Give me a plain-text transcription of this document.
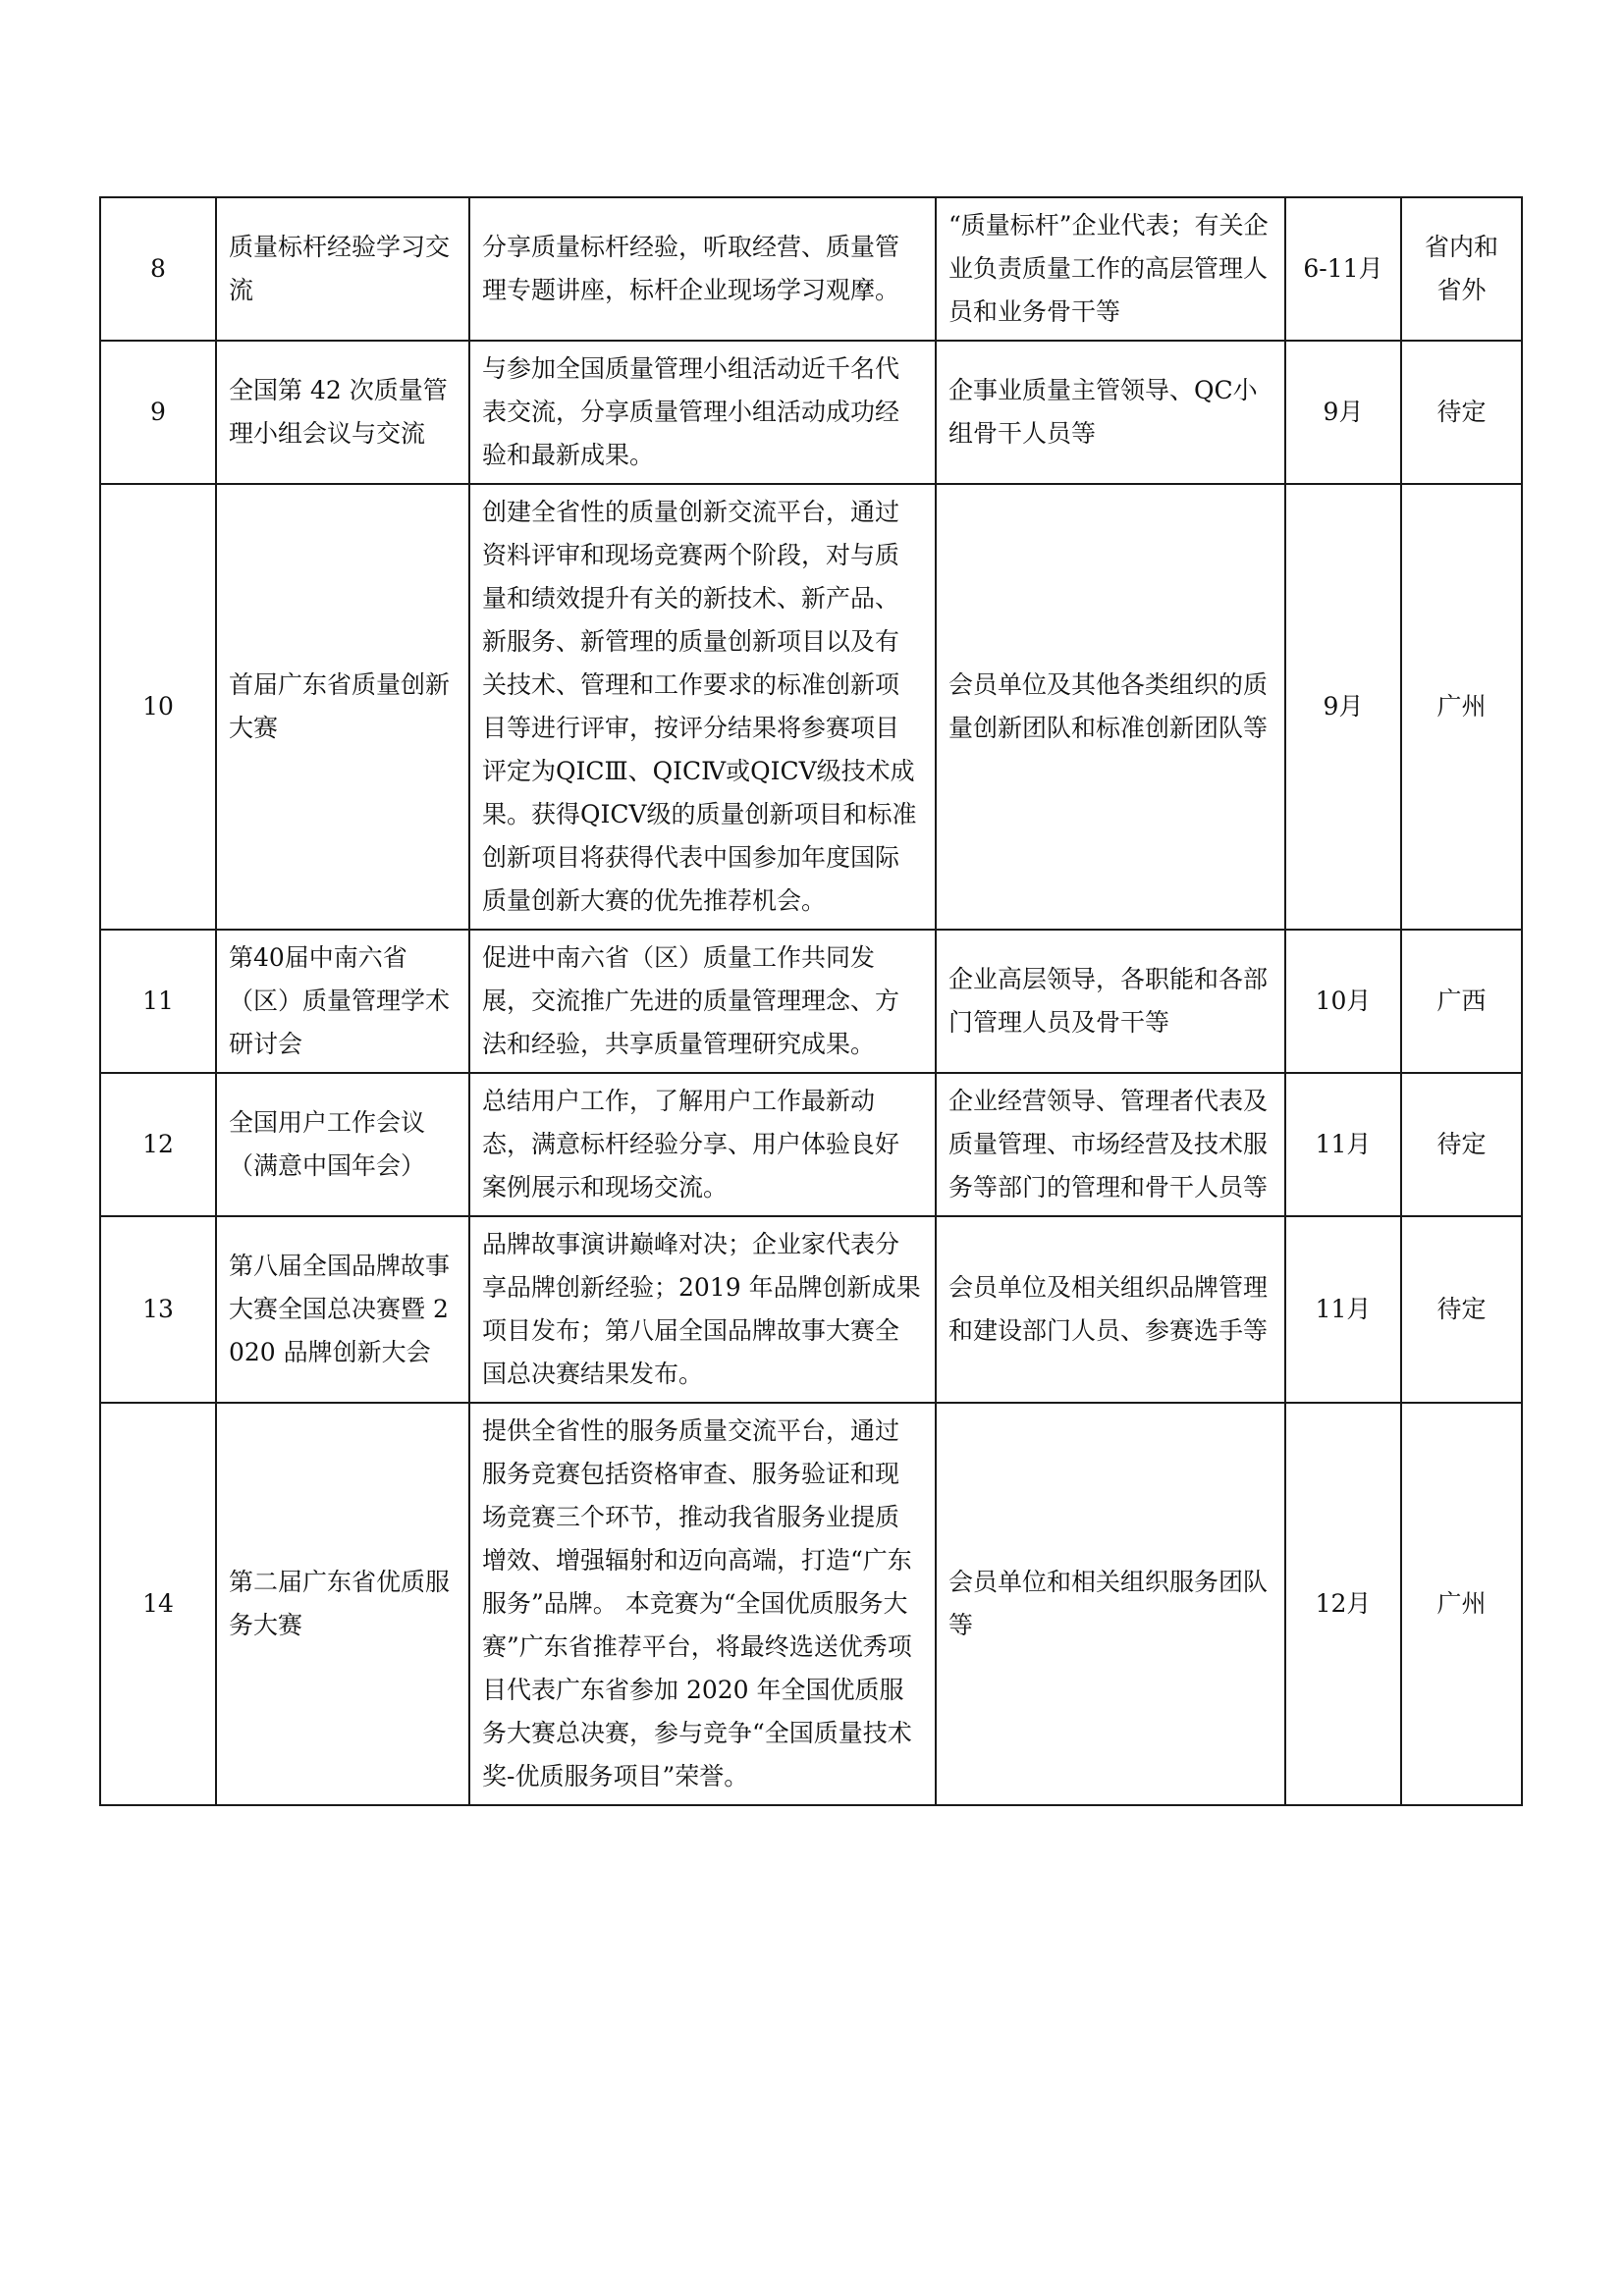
8	质量标杆经验学习交流	分享质量标杆经验，听取经营、质量管理专题讲座，标杆企业现场学习观摩。	“质量标杆”企业代表；有关企业负责质量工作的高层管理人员和业务骨干等	6-11月	省内和省外
9	全国第 42 次质量管理小组会议与交流	与参加全国质量管理小组活动近千名代表交流，分享质量管理小组活动成功经验和最新成果。	企事业质量主管领导、QC小组骨干人员等	9月	待定
10	首届广东省质量创新大赛	创建全省性的质量创新交流平台，通过资料评审和现场竞赛两个阶段，对与质量和绩效提升有关的新技术、新产品、新服务、新管理的质量创新项目以及有关技术、管理和工作要求的标准创新项目等进行评审，按评分结果将参赛项目评定为QICⅢ、QICⅣ或QICⅤ级技术成果。获得QICⅤ级的质量创新项目和标准创新项目将获得代表中国参加年度国际质量创新大赛的优先推荐机会。	会员单位及其他各类组织的质量创新团队和标准创新团队等	9月	广州
11	第40届中南六省（区）质量管理学术研讨会	促进中南六省（区）质量工作共同发展，交流推广先进的质量管理理念、方法和经验，共享质量管理研究成果。	企业高层领导，各职能和各部门管理人员及骨干等	10月	广西
12	全国用户工作会议（满意中国年会）	总结用户工作，了解用户工作最新动态，满意标杆经验分享、用户体验良好案例展示和现场交流。	企业经营领导、管理者代表及质量管理、市场经营及技术服务等部门的管理和骨干人员等	11月	待定
13	第八届全国品牌故事大赛全国总决赛暨 2020 品牌创新大会	品牌故事演讲巅峰对决；企业家代表分享品牌创新经验；2019 年品牌创新成果项目发布；第八届全国品牌故事大赛全国总决赛结果发布。	会员单位及相关组织品牌管理和建设部门人员、参赛选手等	11月	待定
14	第二届广东省优质服务大赛	提供全省性的服务质量交流平台，通过服务竞赛包括资格审查、服务验证和现场竞赛三个环节，推动我省服务业提质增效、增强辐射和迈向高端，打造“广东服务”品牌。 本竞赛为“全国优质服务大赛”广东省推荐平台，将最终选送优秀项目代表广东省参加 2020 年全国优质服务大赛总决赛，参与竞争“全国质量技术奖-优质服务项目”荣誉。	会员单位和相关组织服务团队等	12月	广州
